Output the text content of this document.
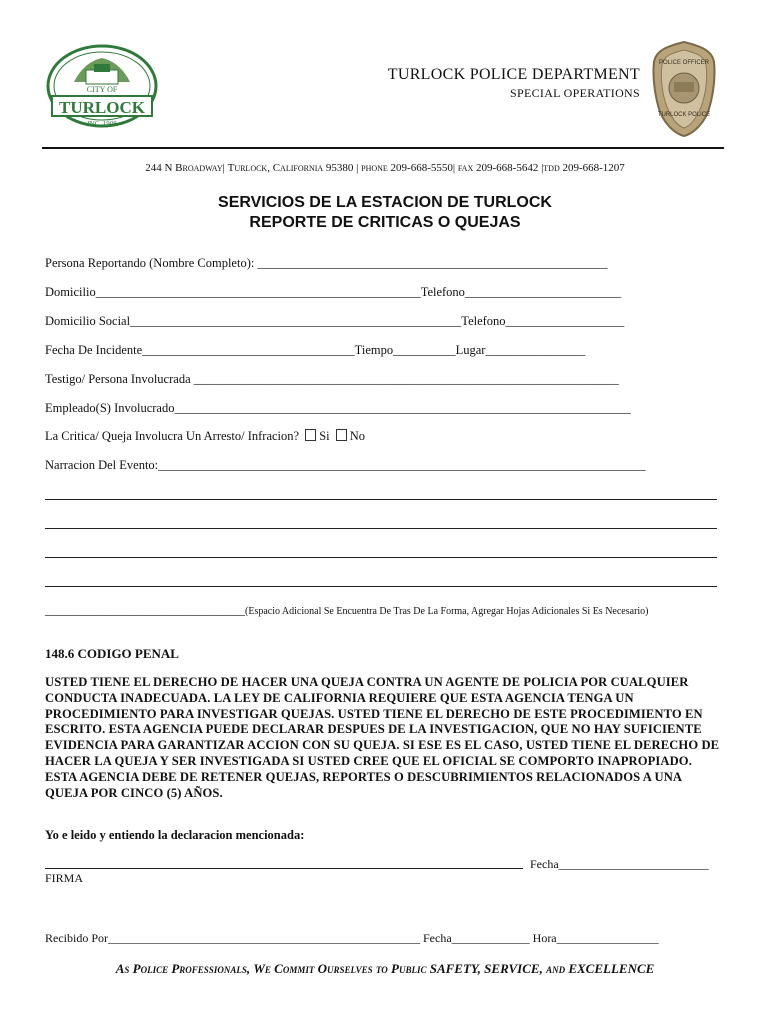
CITY OF
TURLOCK
INC. 1908
POLICE OFFICER
TURLOCK POLICE
TURLOCK POLICE DEPARTMENT
SPECIAL OPERATIONS
244 N Broadway| Turlock, California 95380 | phone 209-668-5550| fax 209-668-5642 |tdd 209-668-1207
SERVICIOS DE LA ESTACION DE TURLOCK
REPORTE DE CRITICAS O QUEJAS
Persona Reportando (Nombre Completo): ________________________________________________________
Domicilio____________________________________________________Telefono_________________________
Domicilio Social_____________________________________________________Telefono___________________
Fecha De Incidente__________________________________Tiempo__________Lugar________________
Testigo/ Persona Involucrada ____________________________________________________________________
Empleado(S) Involucrado_________________________________________________________________________
La Critica/ Queja Involucra Un Arresto/ Infracion? Si No
Narracion Del Evento:______________________________________________________________________________
________________________________(Espacio Adicional Se Encuentra De Tras De La Forma, Agregar Hojas Adicionales Si Es Necesario)
148.6 CODIGO PENAL
USTED TIENE EL DERECHO DE HACER UNA QUEJA CONTRA UN AGENTE DE POLICIA POR CUALQUIER CONDUCTA INADECUADA. LA LEY DE CALIFORNIA REQUIERE QUE ESTA AGENCIA TENGA UN PROCEDIMIENTO PARA INVESTIGAR QUEJAS. USTED TIENE EL DERECHO DE ESTE PROCEDIMIENTO EN ESCRITO. ESTA AGENCIA PUEDE DECLARAR DESPUES DE LA INVESTIGACION, QUE NO HAY SUFICIENTE EVIDENCIA PARA GARANTIZAR ACCION CON SU QUEJA. SI ESE ES EL CASO, USTED TIENE EL DERECHO DE HACER LA QUEJA Y SER INVESTIGADA SI USTED CREE QUE EL OFICIAL SE COMPORTO INAPROPIADO. ESTA AGENCIA DEBE DE RETENER QUEJAS, REPORTES O DESCUBRIMIENTOS RELACIONADOS A UNA QUEJA POR CINCO (5) AÑOS.
Yo e leido y entiendo la declaracion mencionada:
Fecha_________________________
FIRMA
Recibido Por____________________________________________________ Fecha_____________ Hora_________________
As Police Professionals, We Commit Ourselves to Public SAFETY, SERVICE, and EXCELLENCE
